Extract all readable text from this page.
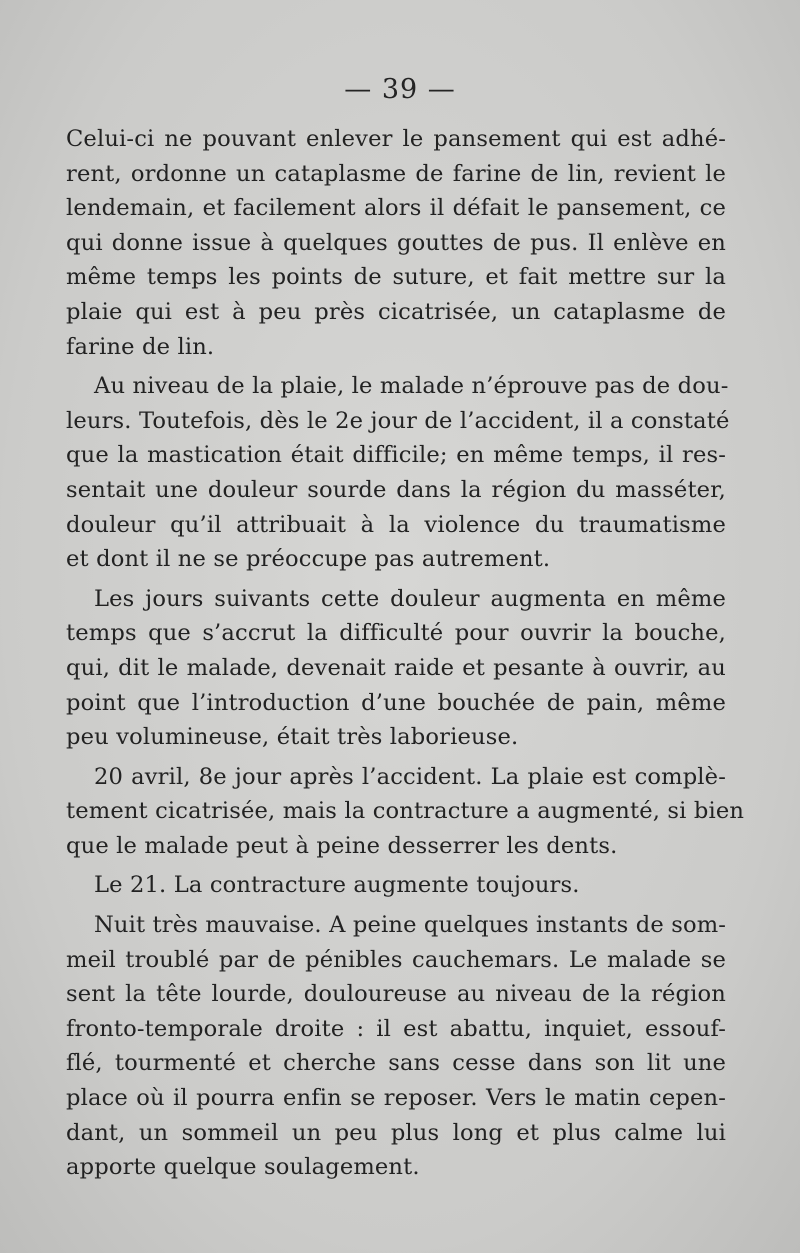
— 39 —
Celui-ci ne pouvant enlever le pansement qui est adhé-
rent, ordonne un cataplasme de farine de lin, revient le
lendemain, et facilement alors il défait le pansement, ce
qui donne issue à quelques gouttes de pus. Il enlève en
même temps les points de suture, et fait mettre sur la
plaie qui est à peu près cicatrisée, un cataplasme de
farine de lin.
Au niveau de la plaie, le malade n’éprouve pas de dou-
leurs. Toutefois, dès le 2e jour de l’accident, il a constaté
que la mastication était difficile; en même temps, il res-
sentait une douleur sourde dans la région du masséter,
douleur qu’il attribuait à la violence du traumatisme
et dont il ne se préoccupe pas autrement.
Les jours suivants cette douleur augmenta en même
temps que s’accrut la difficulté pour ouvrir la bouche,
qui, dit le malade, devenait raide et pesante à ouvrir, au
point que l’introduction d’une bouchée de pain, même
peu volumineuse, était très laborieuse.
20 avril, 8e jour après l’accident. La plaie est complè-
tement cicatrisée, mais la contracture a augmenté, si bien
que le malade peut à peine desserrer les dents.
Le 21. La contracture augmente toujours.
Nuit très mauvaise. A peine quelques instants de som-
meil troublé par de pénibles cauchemars. Le malade se
sent la tête lourde, douloureuse au niveau de la région
fronto-temporale droite : il est abattu, inquiet, essouf-
flé, tourmenté et cherche sans cesse dans son lit une
place où il pourra enfin se reposer. Vers le matin cepen-
dant, un sommeil un peu plus long et plus calme lui
apporte quelque soulagement.
